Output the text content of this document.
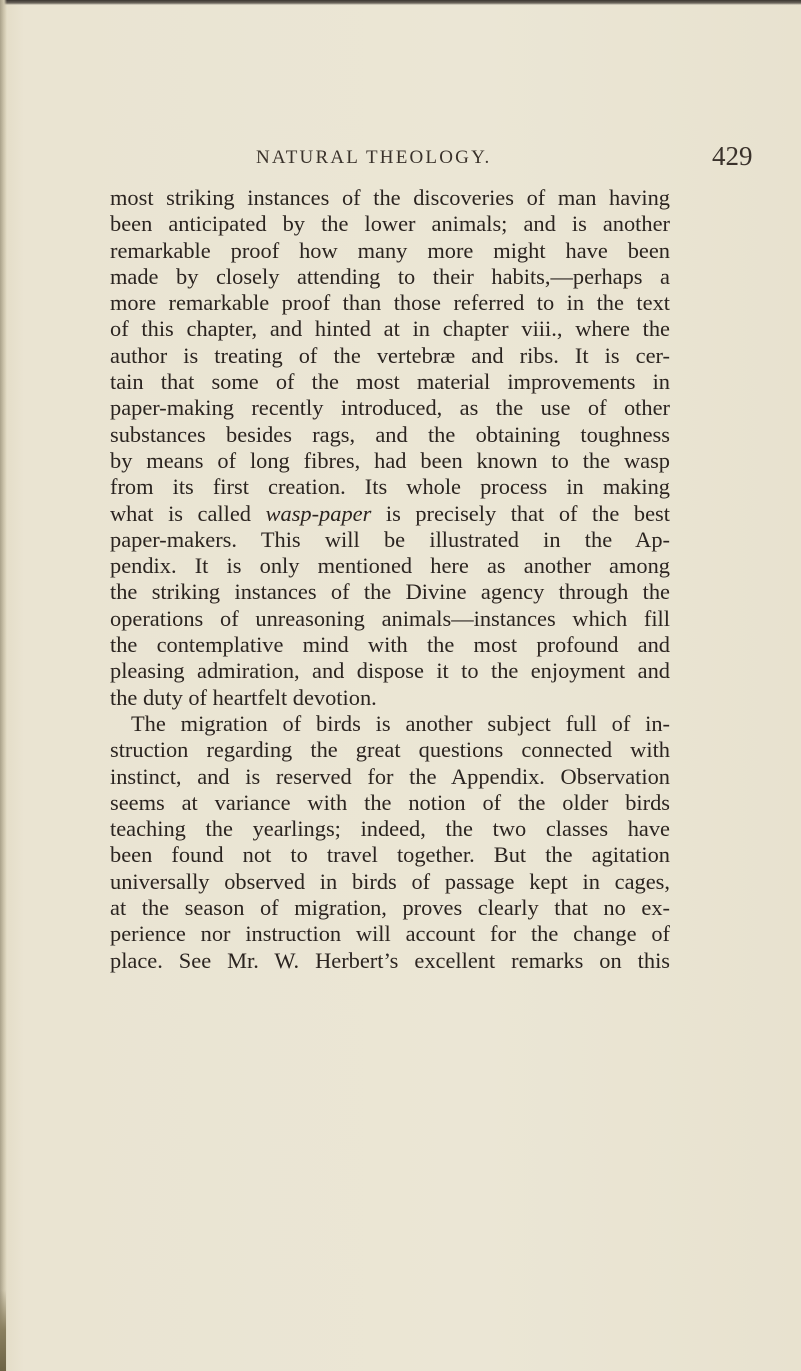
NATURAL THEOLOGY.	429
most striking instances of the discoveries of man having
been anticipated by the lower animals; and is another
remarkable proof how many more might have been
made by closely attending to their habits,—perhaps a
more remarkable proof than those referred to in the text
of this chapter, and hinted at in chapter viii., where the
author is treating of the vertebræ and ribs. It is cer-
tain that some of the most material improvements in
paper-making recently introduced, as the use of other
substances besides rags, and the obtaining toughness
by means of long fibres, had been known to the wasp
from its first creation. Its whole process in making
what is called wasp-paper is precisely that of the best
paper-makers. This will be illustrated in the Ap-
pendix. It is only mentioned here as another among
the striking instances of the Divine agency through the
operations of unreasoning animals—instances which fill
the contemplative mind with the most profound and
pleasing admiration, and dispose it to the enjoyment and
the duty of heartfelt devotion.
The migration of birds is another subject full of in-
struction regarding the great questions connected with
instinct, and is reserved for the Appendix. Observation
seems at variance with the notion of the older birds
teaching the yearlings; indeed, the two classes have
been found not to travel together. But the agitation
universally observed in birds of passage kept in cages,
at the season of migration, proves clearly that no ex-
perience nor instruction will account for the change of
place. See Mr. W. Herbert’s excellent remarks on this
